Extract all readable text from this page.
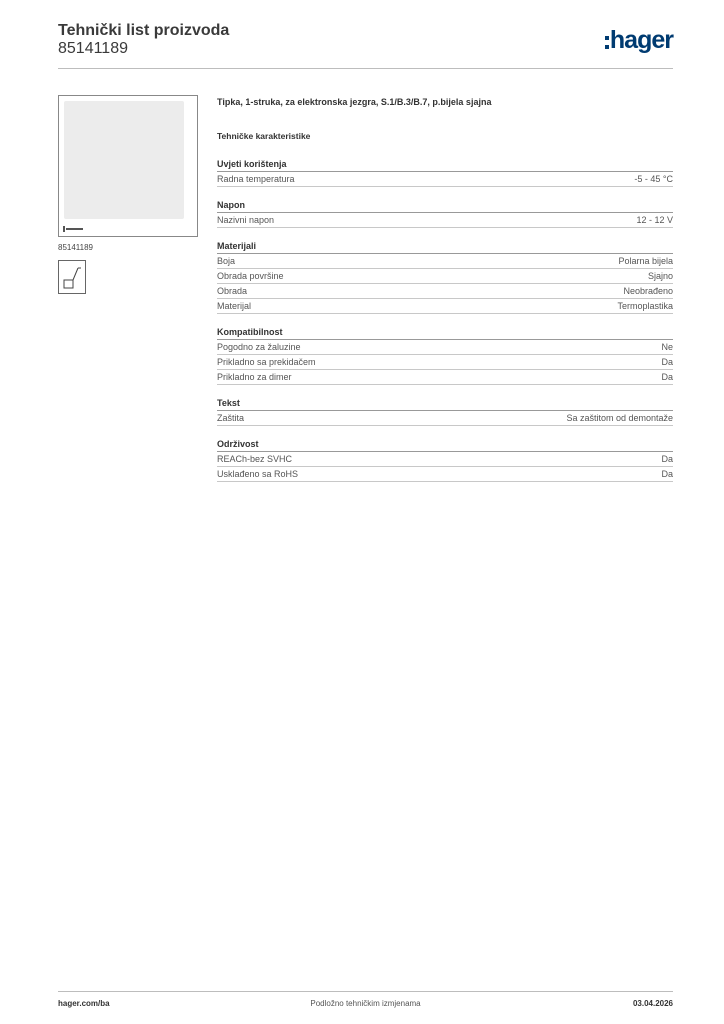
Tehnički list proizvoda
85141189	hager
85141189
Tipka, 1-struka, za elektronska jezgra, S.1/B.3/B.7, p.bijela sjajna
Tehničke karakteristike
Uvjeti korištenja
Radna temperatura	-5 - 45 °C
Napon
Nazivni napon	12 - 12 V
Materijali
Boja	Polarna bijela
Obrada površine	Sjajno
Obrada	Neobrađeno
Materijal	Termoplastika
Kompatibilnost
Pogodno za žaluzine	Ne
Prikladno sa prekidačem	Da
Prikladno za dimer	Da
Tekst
Zaštita	Sa zaštitom od demontaže
Održivost
REACh-bez SVHC	Da
Usklađeno sa RoHS	Da
hager.com/ba	Podložno tehničkim izmjenama	03.04.2026
